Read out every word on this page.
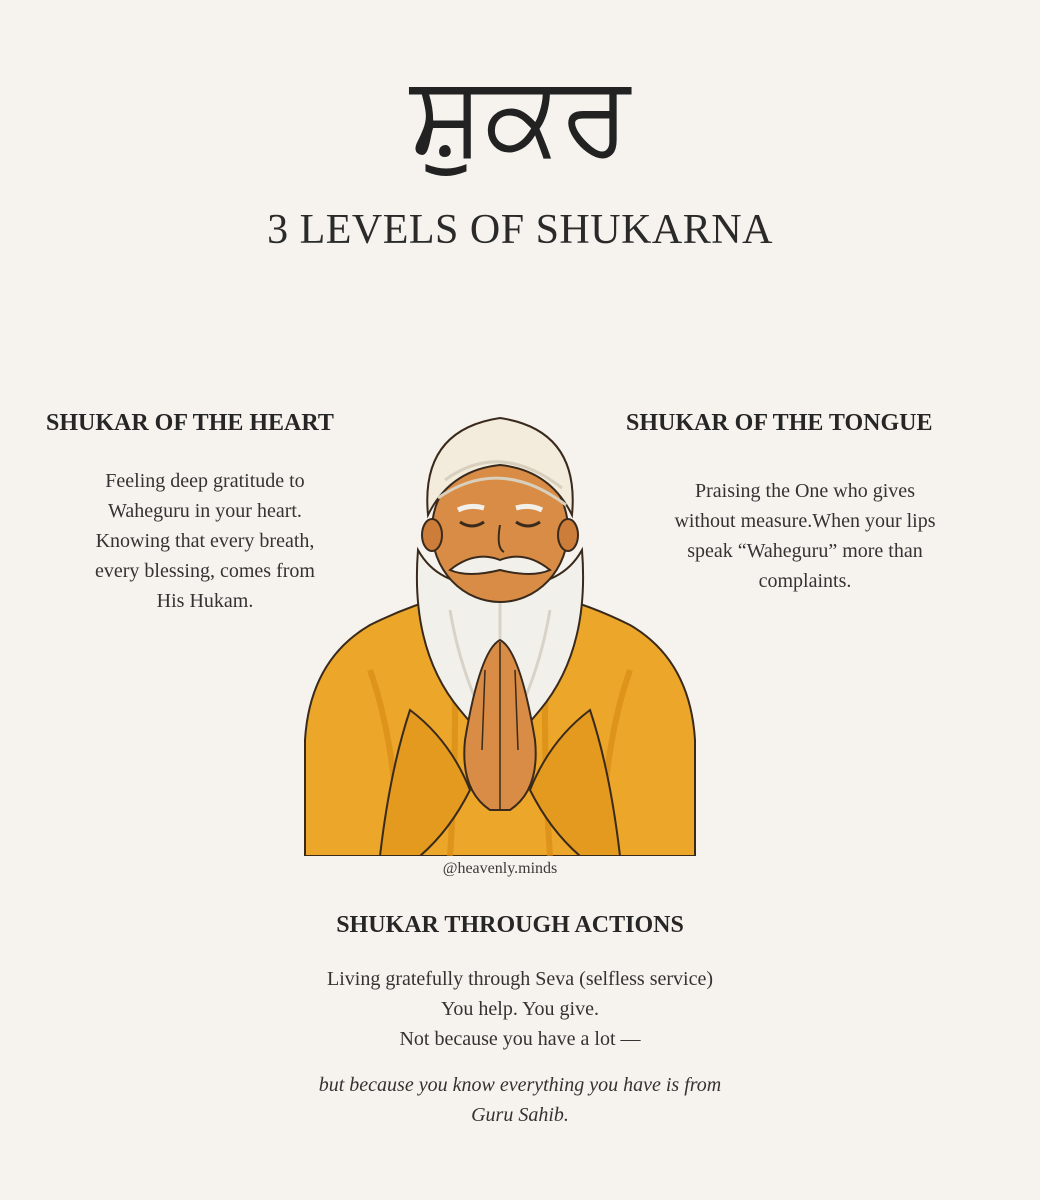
ਸ਼ੁਕਰ
3 LEVELS OF SHUKARNA
SHUKAR OF THE HEART

Feeling deep gratitude to

Waheguru in your heart.

Knowing that every breath,

every blessing, comes from

His Hukam.

SHUKAR OF THE TONGUE

Praising the One who gives

without measure.When your lips

speak “Waheguru” more than

complaints.

@heavenly.minds
SHUKAR THROUGH ACTIONS

Living gratefully through Seva (selfless service)

You help. You give.

Not because you have a lot —

but because you know everything you have is from

Guru Sahib.
